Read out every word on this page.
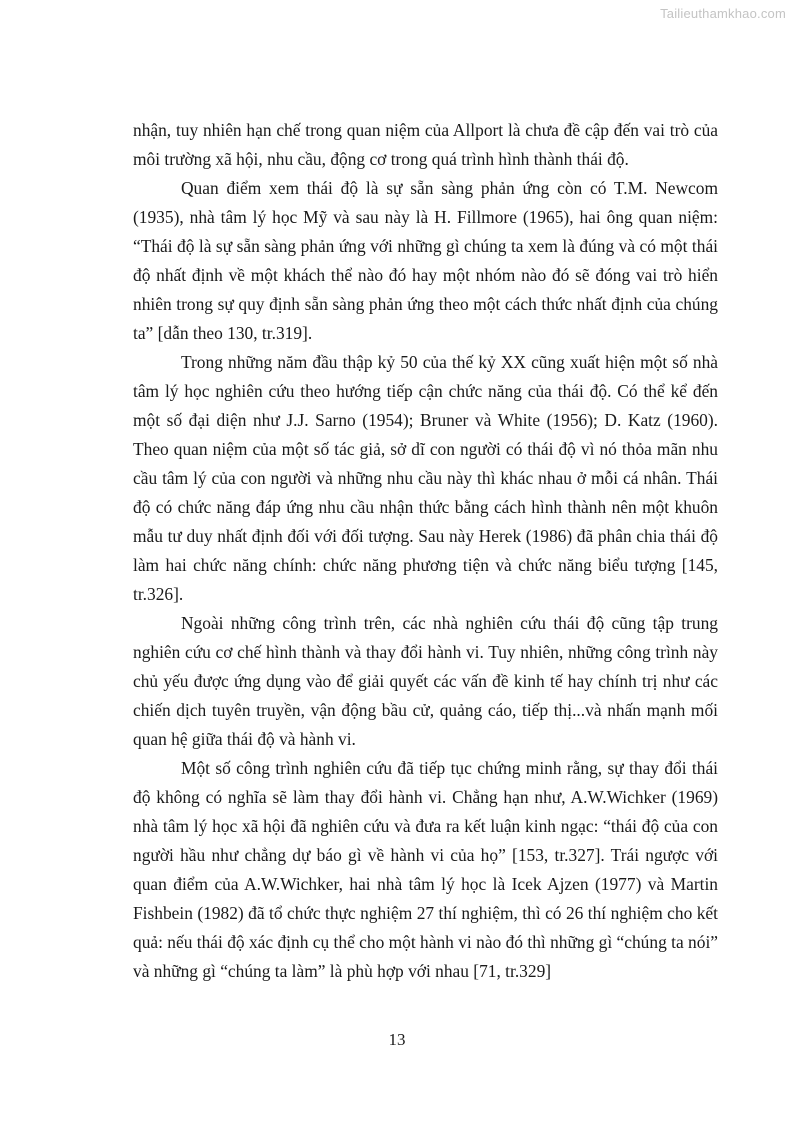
Tailieuthamkhao.com

nhận, tuy nhiên hạn chế trong quan niệm của Allport là chưa đề cập đến vai trò của môi trường xã hội, nhu cầu, động cơ trong quá trình hình thành thái độ.

Quan điểm xem thái độ là sự sẵn sàng phản ứng còn có T.M. Newcom (1935), nhà tâm lý học Mỹ và sau này là H. Fillmore (1965), hai ông quan niệm: “Thái độ là sự sẵn sàng phản ứng với những gì chúng ta xem là đúng và có một thái độ nhất định về một khách thể nào đó hay một nhóm nào đó sẽ đóng vai trò hiển nhiên trong sự quy định sẵn sàng phản ứng theo một cách thức nhất định của chúng ta” [dẫn theo 130, tr.319].

Trong những năm đầu thập kỷ 50 của thế kỷ XX cũng xuất hiện một số nhà tâm lý học nghiên cứu theo hướng tiếp cận chức năng của thái độ. Có thể kể đến một số đại diện như J.J. Sarno (1954); Bruner và White (1956); D. Katz (1960). Theo quan niệm của một số tác giả, sở dĩ con người có thái độ vì nó thỏa mãn nhu cầu tâm lý của con người và những nhu cầu này thì khác nhau ở mỗi cá nhân. Thái độ có chức năng đáp ứng nhu cầu nhận thức bằng cách hình thành nên một khuôn mẫu tư duy nhất định đối với đối tượng. Sau này Herek (1986) đã phân chia thái độ làm hai chức năng chính: chức năng phương tiện và chức năng biểu tượng [145, tr.326].

Ngoài những công trình trên, các nhà nghiên cứu thái độ cũng tập trung nghiên cứu cơ chế hình thành và thay đổi hành vi. Tuy nhiên, những công trình này chủ yếu được ứng dụng vào để giải quyết các vấn đề kinh tế hay chính trị như các chiến dịch tuyên truyền, vận động bầu cử, quảng cáo, tiếp thị...và nhấn mạnh mối quan hệ giữa thái độ và hành vi.

Một số công trình nghiên cứu đã tiếp tục chứng minh rằng, sự thay đổi thái độ không có nghĩa sẽ làm thay đổi hành vi. Chẳng hạn như, A.W.Wichker (1969) nhà tâm lý học xã hội đã nghiên cứu và đưa ra kết luận kinh ngạc: “thái độ của con người hầu như chẳng dự báo gì về hành vi của họ” [153, tr.327]. Trái ngược với quan điểm của A.W.Wichker, hai nhà tâm lý học là Icek Ajzen (1977) và Martin Fishbein (1982) đã tổ chức thực nghiệm 27 thí nghiệm, thì có 26 thí nghiệm cho kết quả: nếu thái độ xác định cụ thể cho một hành vi nào đó thì những gì “chúng ta nói” và những gì “chúng ta làm” là phù hợp với nhau [71, tr.329]

13
